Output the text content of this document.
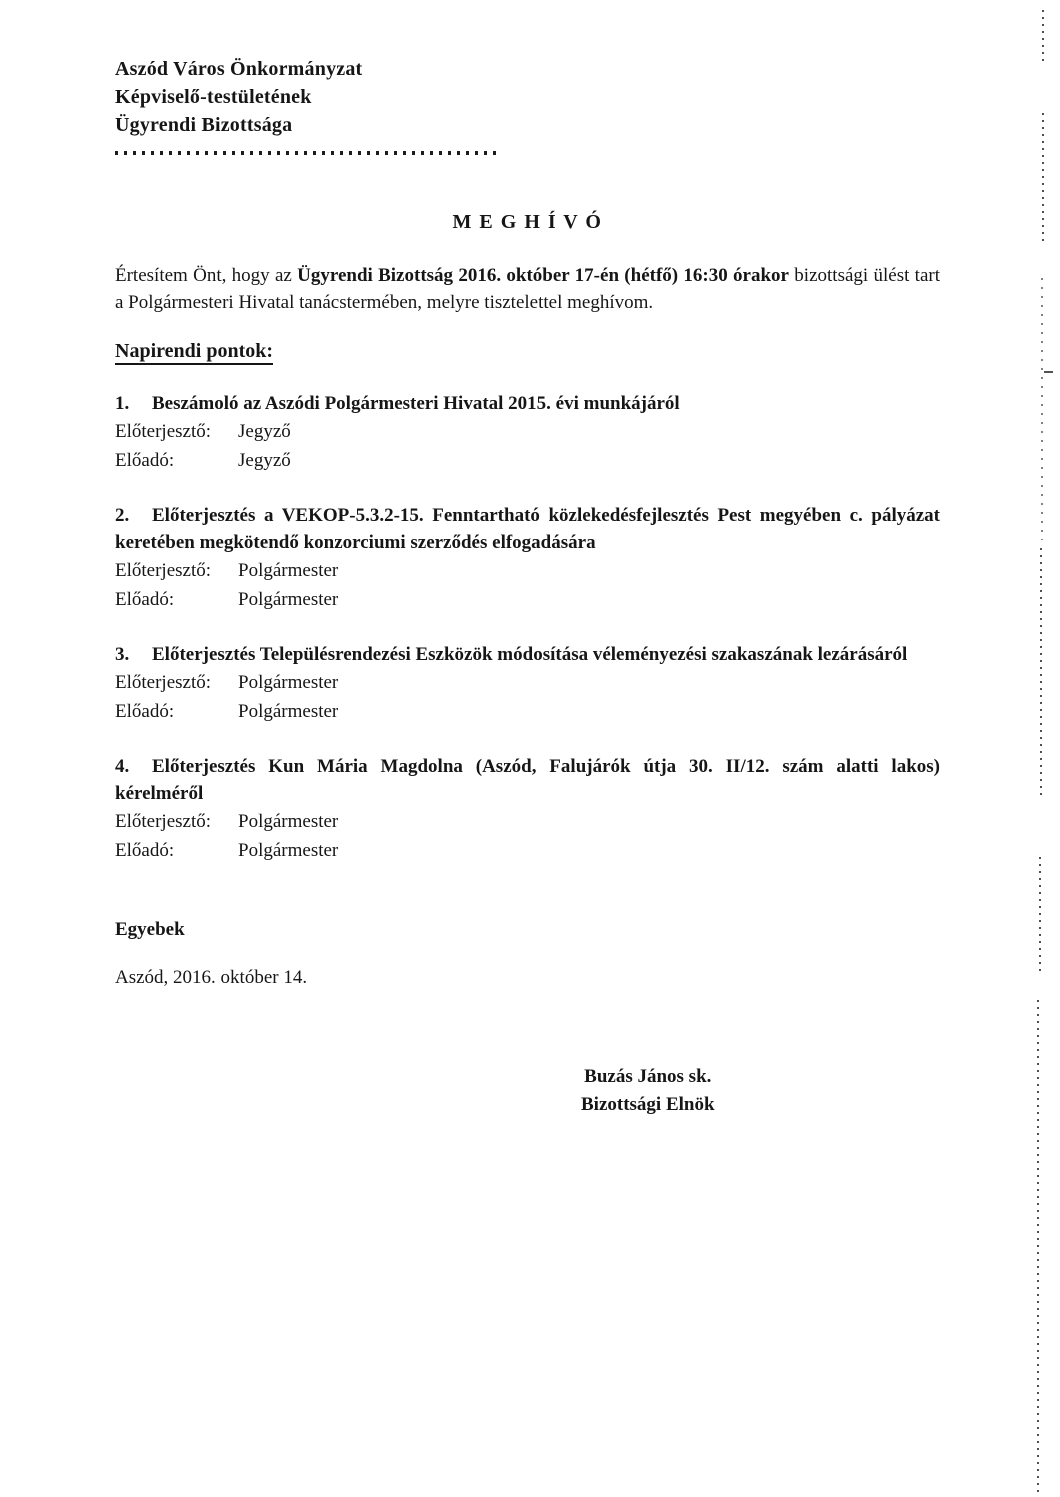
Aszód Város Önkormányzat
Képviselő-testületének
Ügyrendi Bizottsága
M E G H Í V Ó

Értesítem Önt, hogy az Ügyrendi Bizottság 2016. október 17-én (hétfő) 16:30 órakor bizottsági ülést tart a Polgármesteri Hivatal tanácstermében, melyre tisztelettel meghívom.

Napirendi pontok:

1. Beszámoló az Aszódi Polgármesteri Hivatal 2015. évi munkájáról

Előterjesztő: Jegyző
Előadó:	Jegyző

2. Előterjesztés a VEKOP-5.3.2-15. Fenntartható közlekedésfejlesztés Pest megyében c. pályázat keretében megkötendő konzorciumi szerződés elfogadására

Előterjesztő: Polgármester
Előadó:	Polgármester

3. Előterjesztés Településrendezési Eszközök módosítása véleményezési szakaszának lezárásáról

Előterjesztő: Polgármester
Előadó:	Polgármester

4. Előterjesztés Kun Mária Magdolna (Aszód, Falujárók útja 30. II/12. szám alatti lakos) kérelméről

Előterjesztő: Polgármester
Előadó:	Polgármester

Egyebek

Aszód, 2016. október 14.

Buzás János sk.
Bizottsági Elnök
